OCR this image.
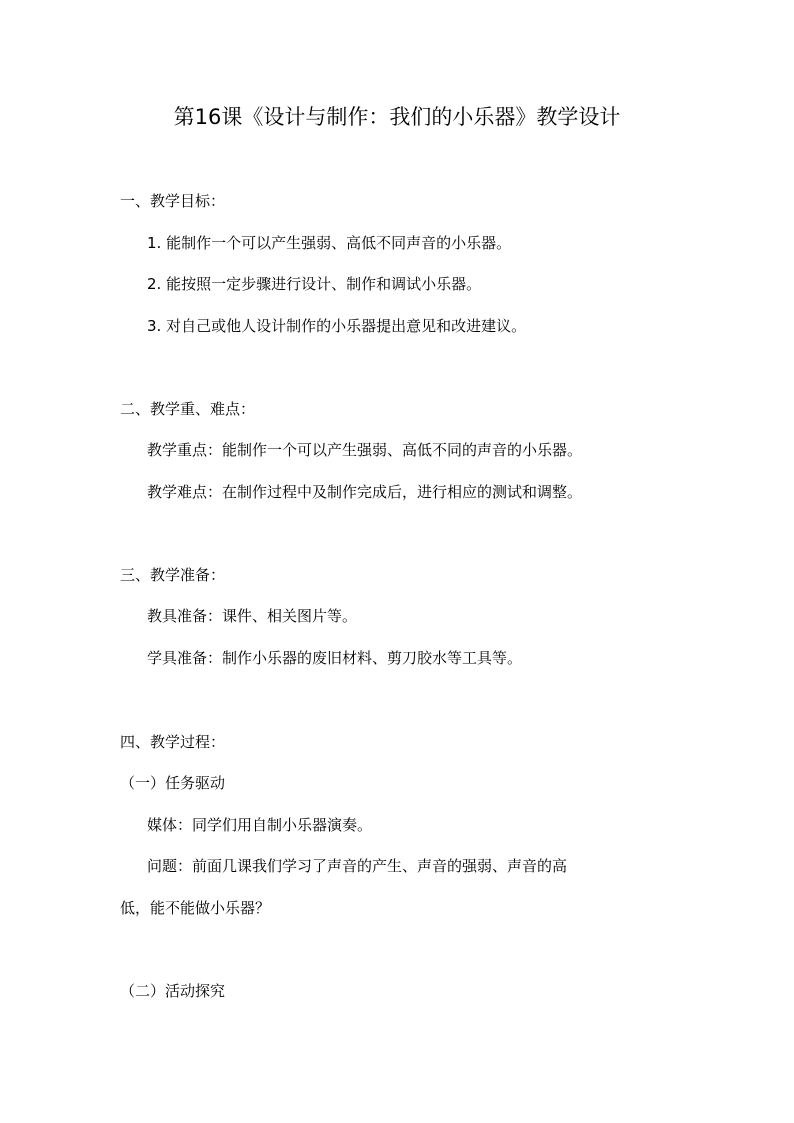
第16课《设计与制作：我们的小乐器》教学设计
一、教学目标：
1. 能制作一个可以产生强弱、高低不同声音的小乐器。
2. 能按照一定步骤进行设计、制作和调试小乐器。
3. 对自己或他人设计制作的小乐器提出意见和改进建议。
二、教学重、难点：
教学重点：能制作一个可以产生强弱、高低不同的声音的小乐器。
教学难点：在制作过程中及制作完成后，进行相应的测试和调整。
三、教学准备：
教具准备：课件、相关图片等。
学具准备：制作小乐器的废旧材料、剪刀胶水等工具等。
四、教学过程：
（一）任务驱动
媒体：同学们用自制小乐器演奏。
问题：前面几课我们学习了声音的产生、声音的强弱、声音的高
低，能不能做小乐器？
（二）活动探究
